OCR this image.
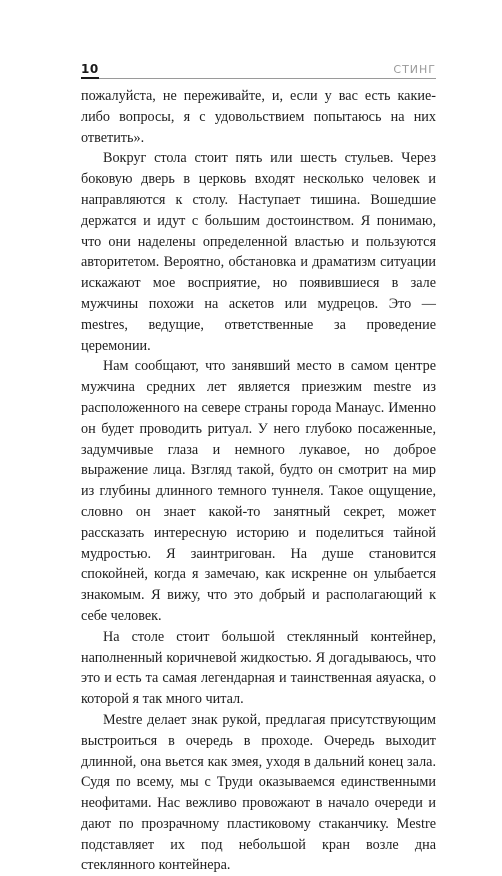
10	СТИНГ

пожалуйста, не переживайте, и, если у вас есть какие-либо вопросы, я с удовольствием попытаюсь на них ответить».

Вокруг стола стоит пять или шесть стульев. Через боковую дверь в церковь входят несколько человек и направляются к столу. Наступает тишина. Вошедшие держатся и идут с большим достоинством. Я понимаю, что они наделены определенной властью и пользуются авторитетом. Вероятно, обстановка и драматизм ситуации искажают мое восприятие, но появившиеся в зале мужчины похожи на аскетов или мудрецов. Это — mestres, ведущие, ответственные за проведение церемонии.

Нам сообщают, что занявший место в самом центре мужчина средних лет является приезжим mestre из расположенного на севере страны города Манаус. Именно он будет проводить ритуал. У него глубоко посаженные, задумчивые глаза и немного лукавое, но доброе выражение лица. Взгляд такой, будто он смотрит на мир из глубины длинного темного туннеля. Такое ощущение, словно он знает какой-то занятный секрет, может рассказать интересную историю и поделиться тайной мудростью. Я заинтригован. На душе становится спокойней, когда я замечаю, как искренне он улыбается знакомым. Я вижу, что это добрый и располагающий к себе человек.

На столе стоит большой стеклянный контейнер, наполненный коричневой жидкостью. Я догадываюсь, что это и есть та самая легендарная и таинственная аяуаска, о которой я так много читал.

Mestre делает знак рукой, предлагая присутствующим выстроиться в очередь в проходе. Очередь выходит длинной, она вьется как змея, уходя в дальний конец зала. Судя по всему, мы с Труди оказываемся единственными неофитами. Нас вежливо провожают в начало очереди и дают по прозрачному пластиковому стаканчику. Mestre подставляет их под небольшой кран возле дна стеклянного контейнера.
